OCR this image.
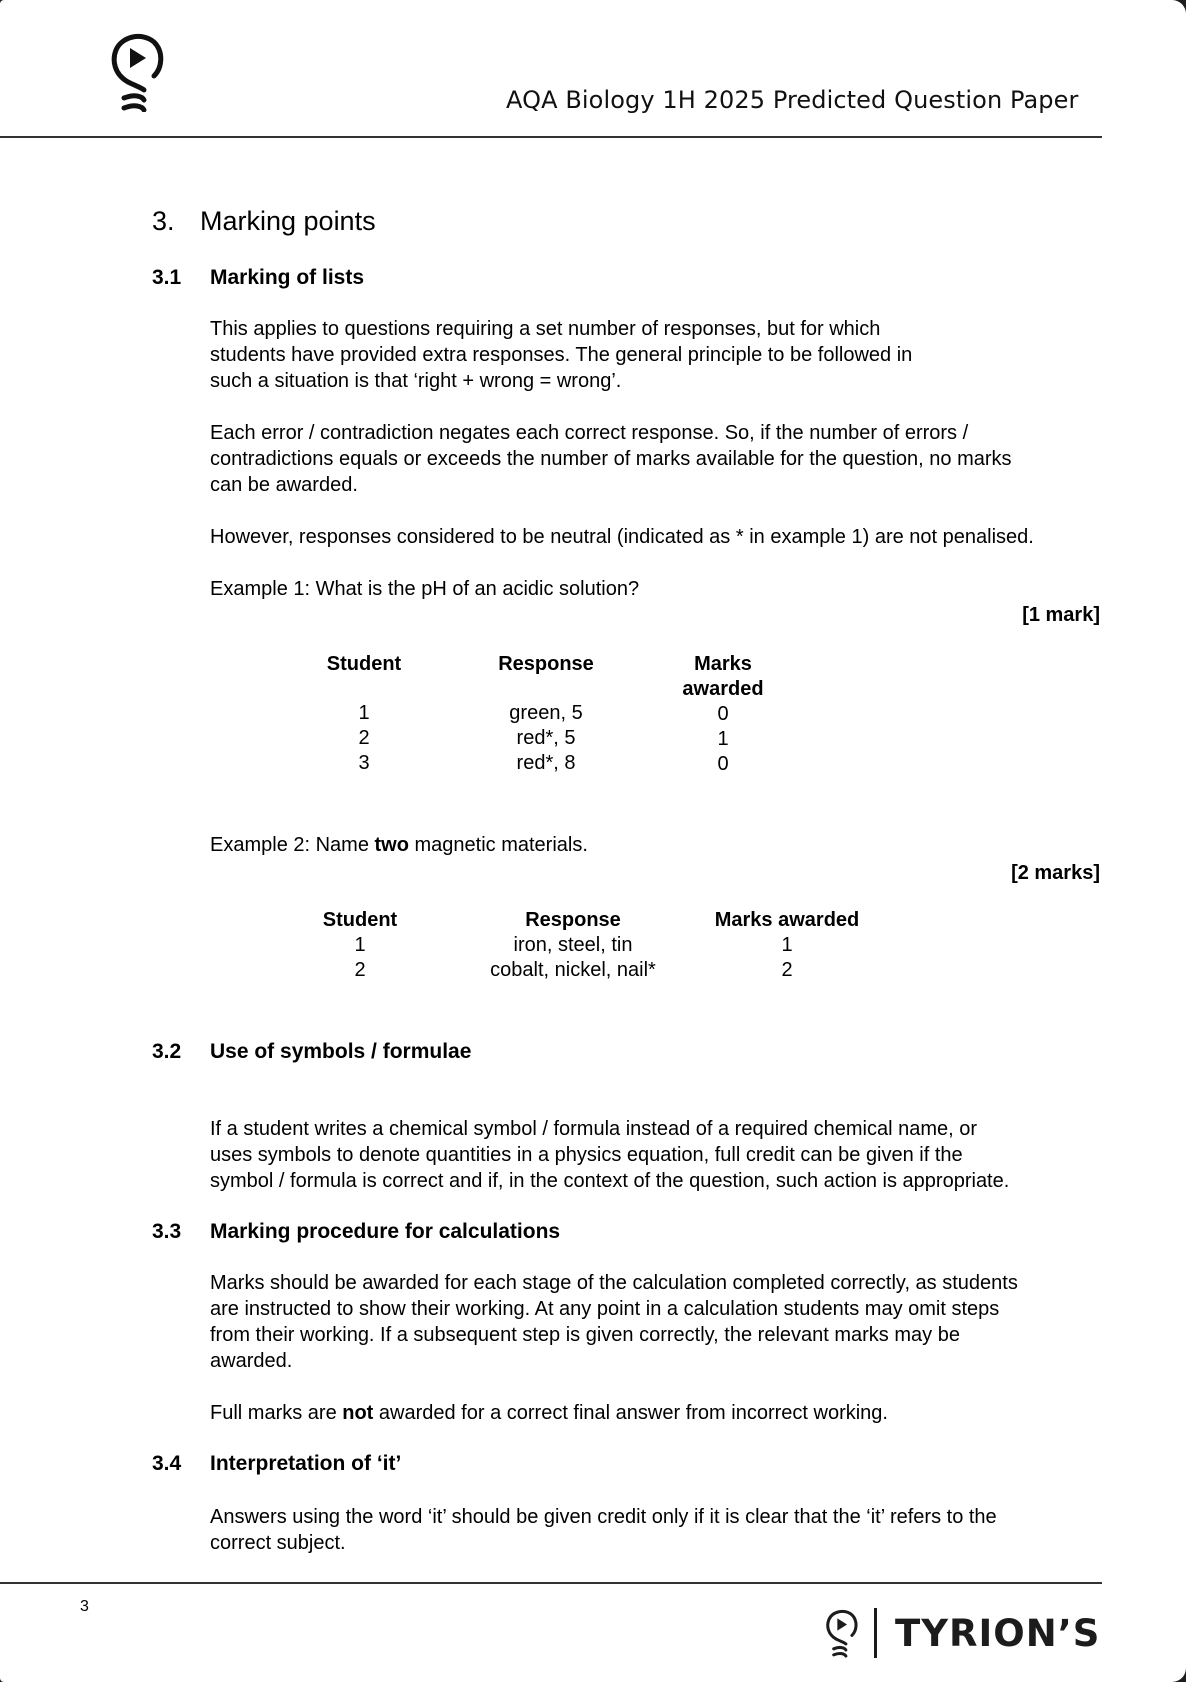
AQA Biology 1H 2025 Predicted Question Paper
3. Marking points
3.1 Marking of lists
This applies to questions requiring a set number of responses, but for which
students have provided extra responses. The general principle to be followed in
such a situation is that ‘right + wrong = wrong’.
Each error / contradiction negates each correct response. So, if the number of errors /
contradictions equals or exceeds the number of marks available for the question, no marks
can be awarded.
However, responses considered to be neutral (indicated as * in example 1) are not penalised.
Example 1: What is the pH of an acidic solution?
[1 mark]
Student
1
2
3
Response
green, 5
red*, 5
red*, 8
Marks
awarded
0
1
0
Example 2: Name two magnetic materials.
[2 marks]
Student
1
2
Response
iron, steel, tin
cobalt, nickel, nail*
Marks awarded
1
2
3.2 Use of symbols / formulae
If a student writes a chemical symbol / formula instead of a required chemical name, or
uses symbols to denote quantities in a physics equation, full credit can be given if the
symbol / formula is correct and if, in the context of the question, such action is appropriate.
3.3 Marking procedure for calculations
Marks should be awarded for each stage of the calculation completed correctly, as students
are instructed to show their working. At any point in a calculation students may omit steps
from their working. If a subsequent step is given correctly, the relevant marks may be
awarded.
Full marks are not awarded for a correct final answer from incorrect working.
3.4 Interpretation of ‘it’
Answers using the word ‘it’ should be given credit only if it is clear that the ‘it’ refers to the
correct subject.
3
TYRION’S
